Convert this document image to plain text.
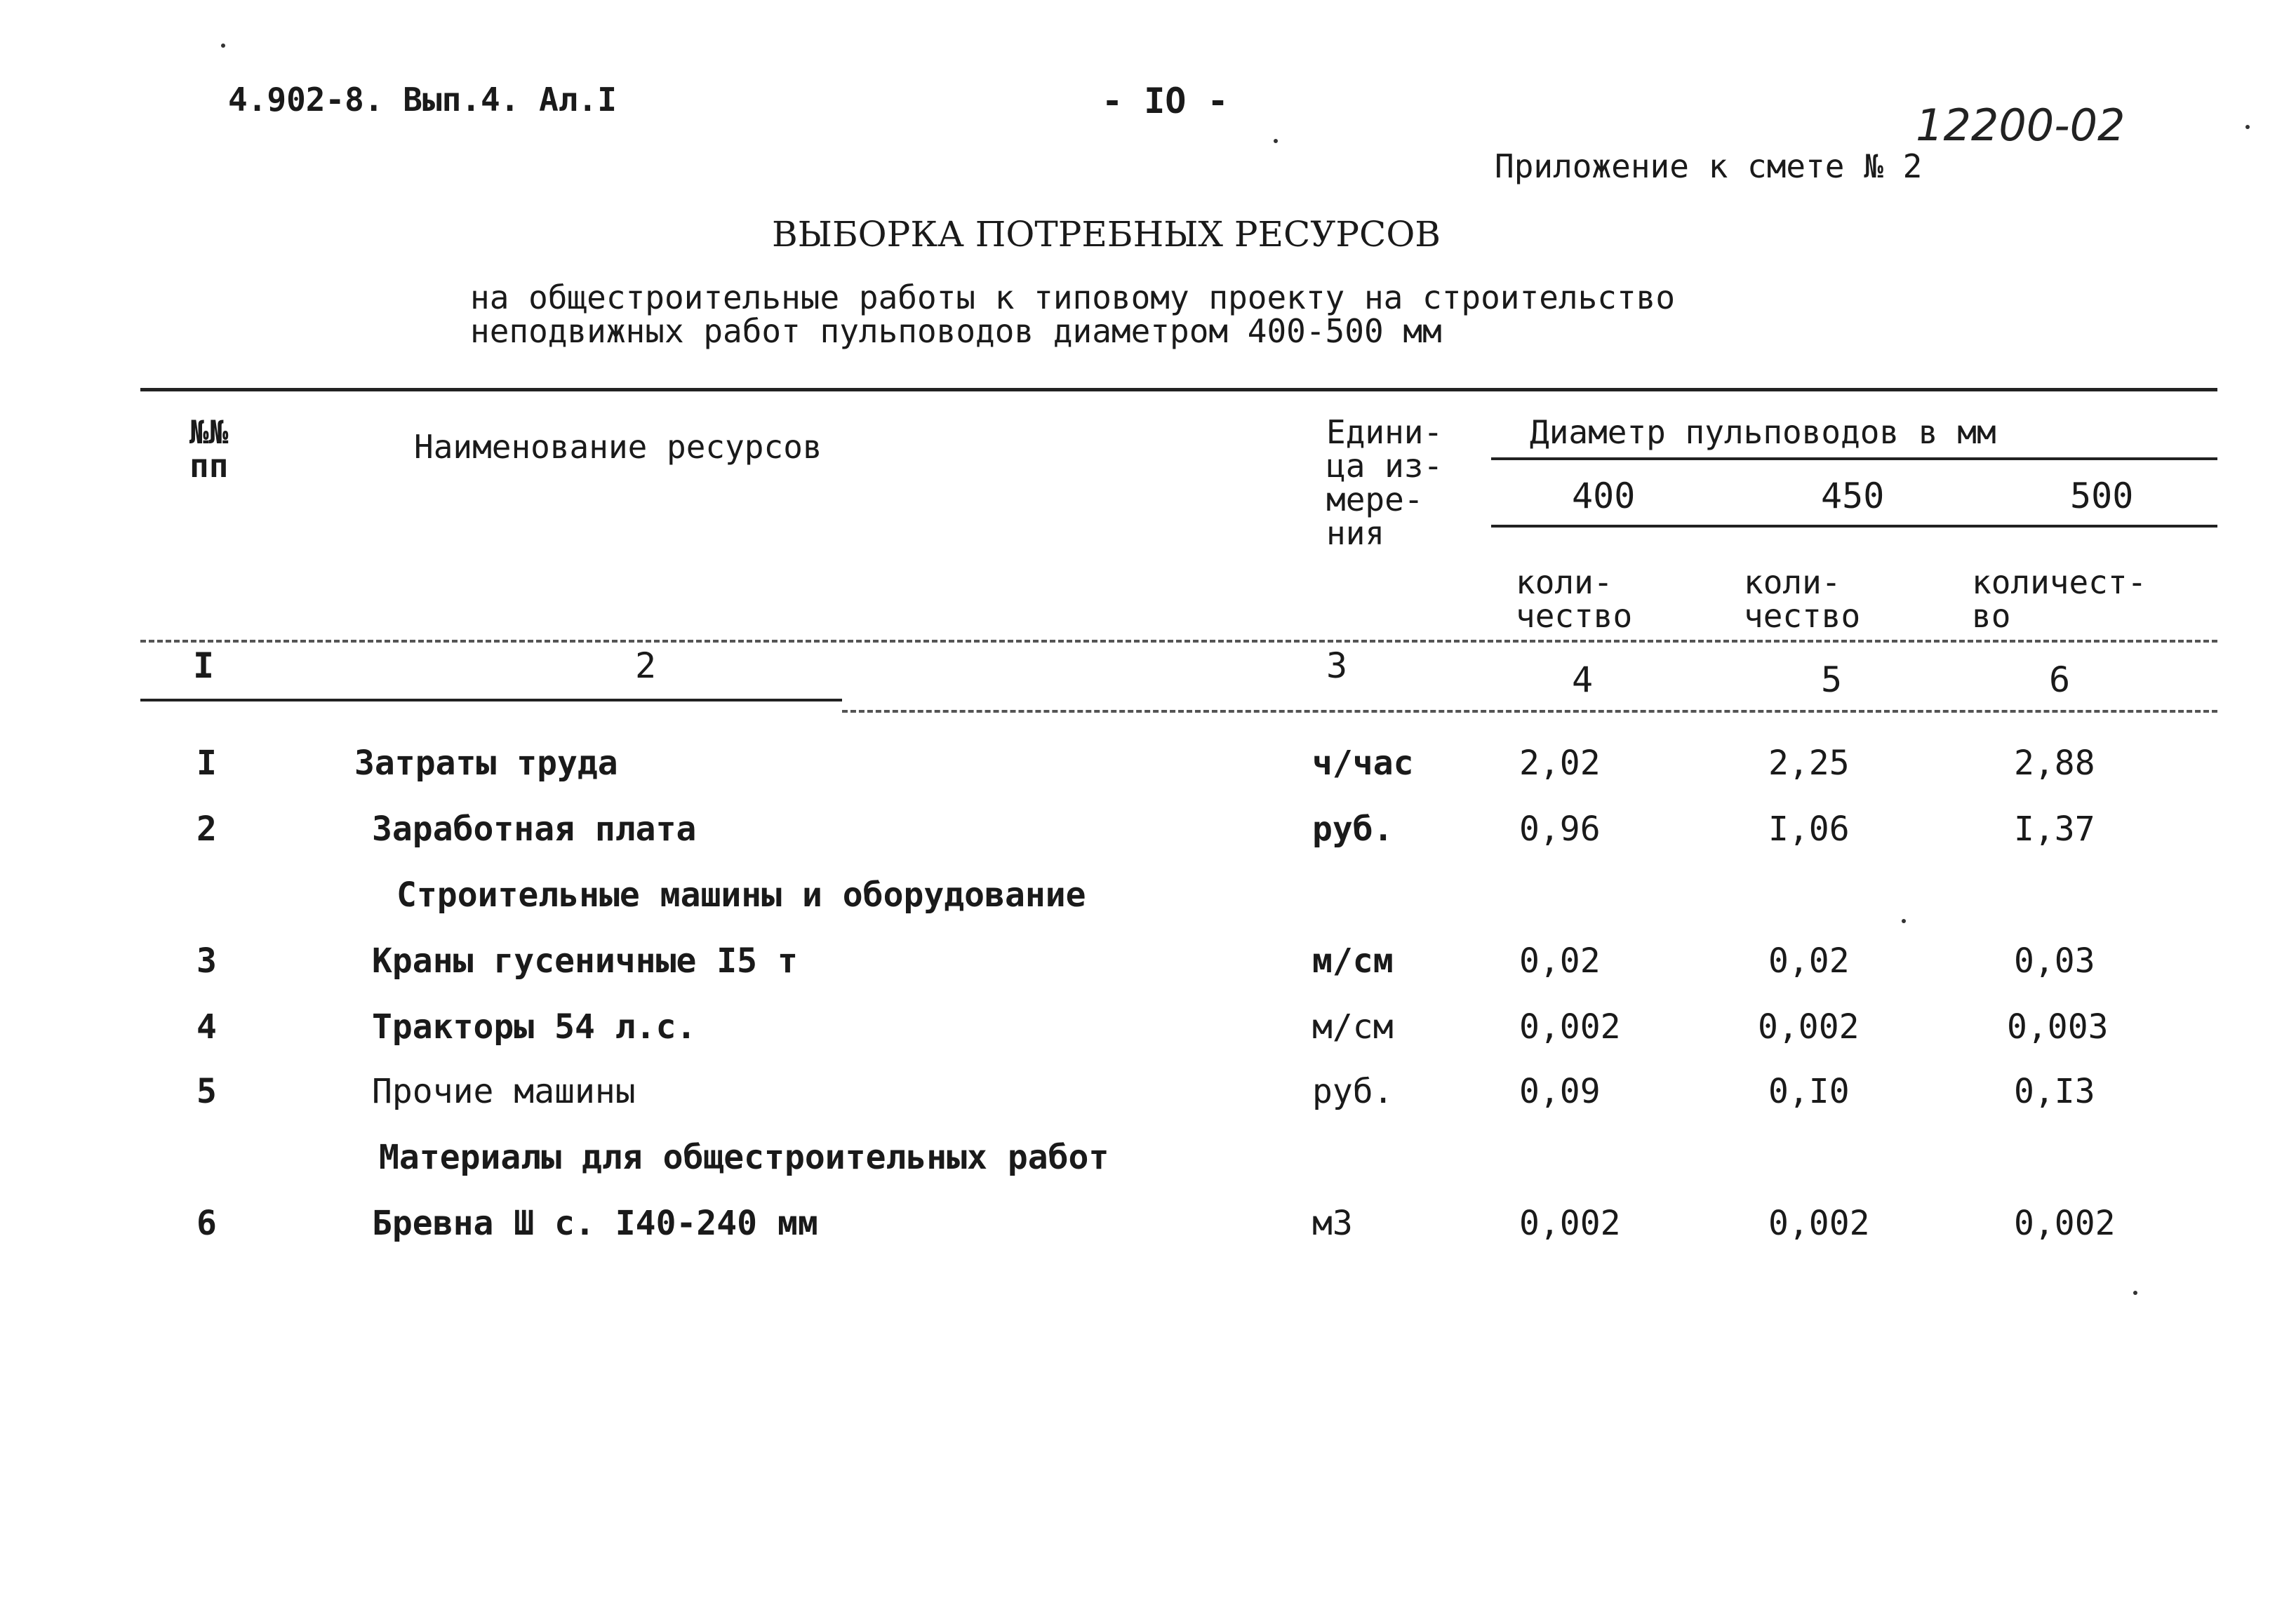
4.902-8. Вып.4. Ал.I	- IO -	12200-02
Приложение к смете № 2
ВЫБОРКА ПОТРЕБНЫХ РЕСУРСОВ
на общестроительные работы к типовому проекту на строительство
неподвижных работ пульповодов диаметром 400-500 мм
№№
пп	Наименование ресурсов	Едини-
ца из-
мере-
ния
Диаметр пульповодов в мм
400	450	500
коли-
чество
коли-
чество
количест-
во
I	2	3	4	5	6
I	Затраты труда	ч/час	2,02	2,25	2,88
2	Заработная плата	руб.	0,96	I,06	I,37
Строительные машины и оборудование
3	Краны гусеничные I5 т	м/см	0,02	0,02	0,03
4	Тракторы 54 л.с.	м/см	0,002	0,002	0,003
5	Прочие машины	руб.	0,09	0,I0	0,I3
Материалы для общестроительных работ
6	Бревна Ш с. I40-240 мм	м3	0,002	0,002	0,002
